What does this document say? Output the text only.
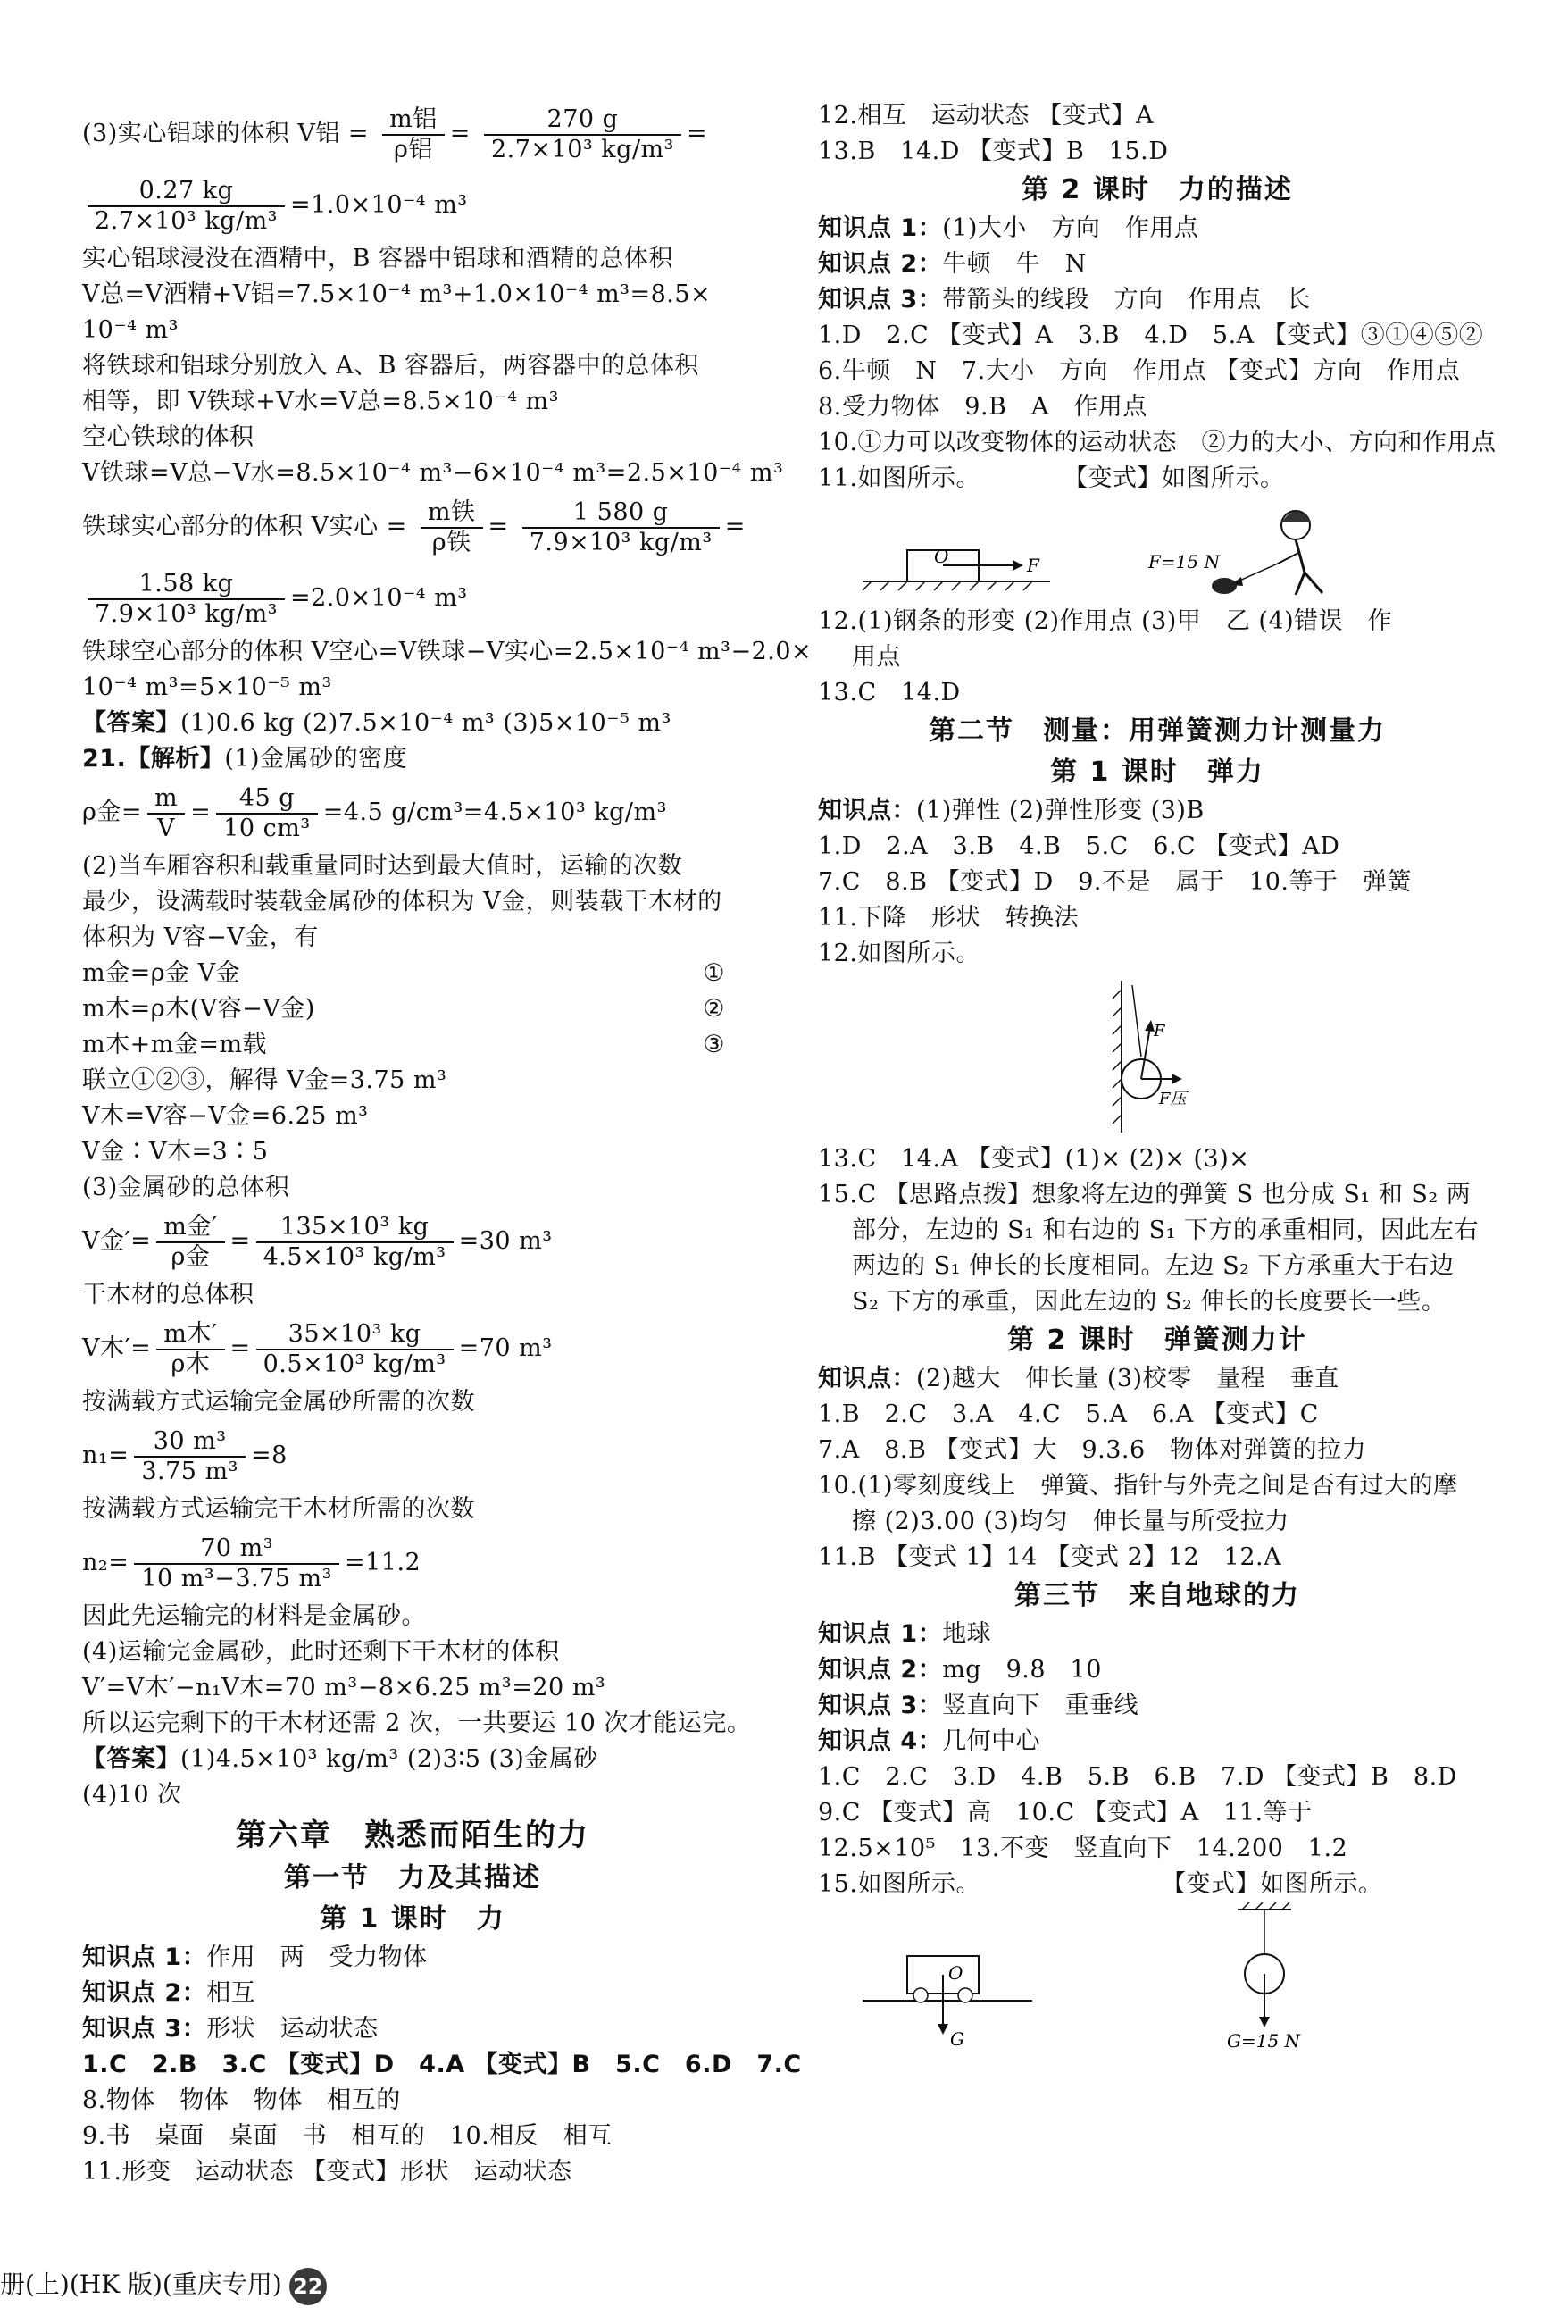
(3)实心铝球的体积 V铝 = $\frac{\text{m铝}}{\text{ρ铝}} = \frac{270 g}{\text{2.7×10³ kg/m³}}$ =
$\frac{0.27 kg}{\text{2.7×10³ kg/m³}} =1.0\times 10^{-4}$ m³
实心铝球浸没在酒精中，B 容器中铝球和酒精的总体积
V总=V酒精+V铝=7.5×10⁻⁴ m³+1.0×10⁻⁴ m³=8.5×
10⁻⁴ m³
将铁球和铝球分别放入 A、B 容器后，两容器中的总体积
相等，即 V铁球+V水=V总=8.5×10⁻⁴ m³
空心铁球的体积
V铁球=V总−V水=8.5×10⁻⁴ m³−6×10⁻⁴ m³=2.5×10⁻⁴ m³
铁球实心部分的体积 V实心 = $\frac{\text{m铁}}{\text{ρ铁}} = \frac{1 580 g}{\text{7.9×10³ kg/m³}}$ =
$\frac{1.58 kg}{\text{7.9×10³ kg/m³}} =2.0\times 10^{-4}$ m³
铁球空心部分的体积 V空心=V铁球−V实心=2.5×10⁻⁴ m³−2.0×
10⁻⁴ m³=5×10⁻⁵ m³
【答案】(1)0.6 kg (2)7.5×10⁻⁴ m³ (3)5×10⁻⁵ m³
21.【解析】(1)金属砂的密度
ρ金= $\frac{m}{V} = \frac{45 g}{\text{10 cm³}} =4.5$ g/cm³=4.5×10³ kg/m³
(2)当车厢容积和载重量同时达到最大值时，运输的次数
最少，设满载时装载金属砂的体积为 V金，则装载干木材的
体积为 V容−V金，有
m金=ρ金 V金	①
m木=ρ木(V容−V金)	②
m木+m金=m载	③
联立①②③，解得 V金=3.75 m³
V木=V容−V金=6.25 m³
V金∶V木=3∶5
(3)金属砂的总体积
V金′= $\frac{\text{m金′}}{\text{ρ金}} = \frac{\text{135×10³ kg}}{\text{4.5×10³ kg/m³}} =30$ m³
干木材的总体积
V木′= $\frac{\text{m木′}}{\text{ρ木}} = \frac{\text{35×10³ kg}}{\text{0.5×10³ kg/m³}} =70$ m³
按满载方式运输完金属砂所需的次数
$n_1= \frac{\text{30 m³}}{\text{3.75 m³}} =8$
按满载方式运输完干木材所需的次数
$n_2= \frac{\text{70 m³}}{\text{10 m³−3.75 m³}} =11.2$
因此先运输完的材料是金属砂。
(4)运输完金属砂，此时还剩下干木材的体积
V′=V木′−n₁V木=70 m³−8×6.25 m³=20 m³
所以运完剩下的干木材还需 2 次，一共要运 10 次才能运完。
【答案】(1)4.5×10³ kg/m³ (2)3∶5 (3)金属砂
(4)10 次
第六章　熟悉而陌生的力
第一节　力及其描述
第 1 课时　力
知识点 1：作用　两　受力物体
知识点 2：相互
知识点 3：形状　运动状态
1.C　2.B　3.C 【变式】D　4.A 【变式】B　5.C　6.D　7.C
8.物体　物体　物体　相互的
9.书　桌面　桌面　书　相互的　10.相反　相互
11.形变　运动状态 【变式】形状　运动状态
12.相互　运动状态 【变式】A
13.B　14.D 【变式】B　15.D
第 2 课时　力的描述
知识点 1：(1)大小　方向　作用点
知识点 2：牛顿　牛　N
知识点 3：带箭头的线段　方向　作用点　长
1.D　2.C 【变式】A　3.B　4.D　5.A 【变式】③①④⑤②
6.牛顿　N　7.大小　方向　作用点 【变式】方向　作用点
8.受力物体　9.B　A　作用点
10.①力可以改变物体的运动状态　②力的大小、方向和作用点
11.如图所示。	【变式】如图所示。
O	F	F=15 N
12.(1)钢条的形变 (2)作用点 (3)甲　乙 (4)错误　作
用点
13.C　14.D
第二节　测量：用弹簧测力计测量力
第 1 课时　弹力
知识点：(1)弹性 (2)弹性形变 (3)B
1.D　2.A　3.B　4.B　5.C　6.C 【变式】AD
7.C　8.B 【变式】D　9.不是　属于　10.等于　弹簧
11.下降　形状　转换法
12.如图所示。
F
F压
13.C　14.A 【变式】(1)× (2)× (3)×
15.C 【思路点拨】想象将左边的弹簧 S 也分成 S₁ 和 S₂ 两
部分，左边的 S₁ 和右边的 S₁ 下方的承重相同，因此左右
两边的 S₁ 伸长的长度相同。左边 S₂ 下方承重大于右边
S₂ 下方的承重，因此左边的 S₂ 伸长的长度要长一些。
第 2 课时　弹簧测力计
知识点：(2)越大　伸长量 (3)校零　量程　垂直
1.B　2.C　3.A　4.C　5.A　6.A 【变式】C
7.A　8.B 【变式】大　9.3.6　物体对弹簧的拉力
10.(1)零刻度线上　弹簧、指针与外壳之间是否有过大的摩
擦 (2)3.00 (3)均匀　伸长量与所受拉力
11.B 【变式 1】14 【变式 2】12　12.A
第三节　来自地球的力
知识点 1：地球
知识点 2：mg　9.8　10
知识点 3：竖直向下　重垂线
知识点 4：几何中心
1.C　2.C　3.D　4.B　5.B　6.B　7.D 【变式】B　8.D
9.C 【变式】高　10.C 【变式】A　11.等于
12.5×10⁵　13.不变　竖直向下　14.200　1.2
15.如图所示。	【变式】如图所示。
O
G	G=15 N
册(上)(HK 版)(重庆专用) 22
